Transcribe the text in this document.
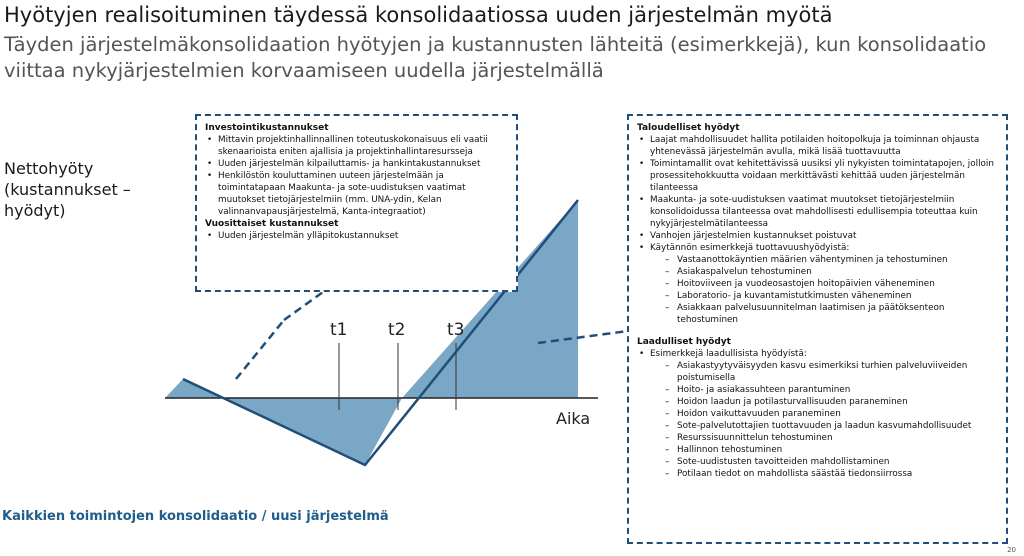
Hyötyjen realisoituminen täydessä konsolidaatiossa uuden järjestelmän myötä
Täyden järjestelmäkonsolidaation hyötyjen ja kustannusten lähteitä (esimerkkejä), kun konsolidaatio viittaa nykyjärjestelmien korvaamiseen uudella järjestelmällä
Nettohyöty
(kustannukset –
hyödyt)
t1 t2 t3
Aika
Investointikustannukset
• Mittavin projektinhallinnallinen toteutuskokonaisuus eli vaatii skenaarioista eniten ajallisia ja projektinhallintaresursseja
• Uuden järjestelmän kilpailuttamis- ja hankintakustannukset
• Henkilöstön kouluttaminen uuteen järjestelmään ja toimintatapaan Maakunta- ja sote-uudistuksen vaatimat muutokset tietojärjestelmiin (mm. UNA-ydin, Kelan valinnanvapausjärjestelmä, Kanta-integraatiot)
Vuosittaiset kustannukset
• Uuden järjestelmän ylläpitokustannukset
Taloudelliset hyödyt
• Laajat mahdollisuudet hallita potilaiden hoitopolkuja ja toiminnan ohjausta yhtenevässä järjestelmän avulla, mikä lisää tuottavuutta
• Toimintamallit ovat kehitettävissä uusiksi yli nykyisten toimintatapojen, jolloin prosessitehokkuutta voidaan merkittävästi kehittää uuden järjestelmän tilanteessa
• Maakunta- ja sote-uudistuksen vaatimat muutokset tietojärjestelmiin konsolidoidussa tilanteessa ovat mahdollisesti edullisempia toteuttaa kuin nykyjärjestelmätilanteessa
• Vanhojen järjestelmien kustannukset poistuvat
• Käytännön esimerkkejä tuottavuushyödyistä:
– Vastaanottokäyntien määrien vähentyminen ja tehostuminen
– Asiakaspalvelun tehostuminen
– Hoitoviiveen ja vuodeosastojen hoitopäivien väheneminen
– Laboratorio- ja kuvantamistutkimusten väheneminen
– Asiakkaan palvelusuunnitelman laatimisen ja päätöksenteon tehostuminen
Laadulliset hyödyt
• Esimerkkejä laadullisista hyödyistä:
– Asiakastyytyväisyyden kasvu esimerkiksi turhien palveluviiveiden poistumisella
– Hoito- ja asiakassuhteen parantuminen
– Hoidon laadun ja potilasturvallisuuden paraneminen
– Hoidon vaikuttavuuden paraneminen
– Sote-palvelutottajien tuottavuuden ja laadun kasvumahdollisuudet
– Resurssisuunnittelun tehostuminen
– Hallinnon tehostuminen
– Sote-uudistusten tavoitteiden mahdollistaminen
– Potilaan tiedot on mahdollista säästää tiedonsiirrossa
Kaikkien toimintojen konsolidaatio / uusi järjestelmä
20
